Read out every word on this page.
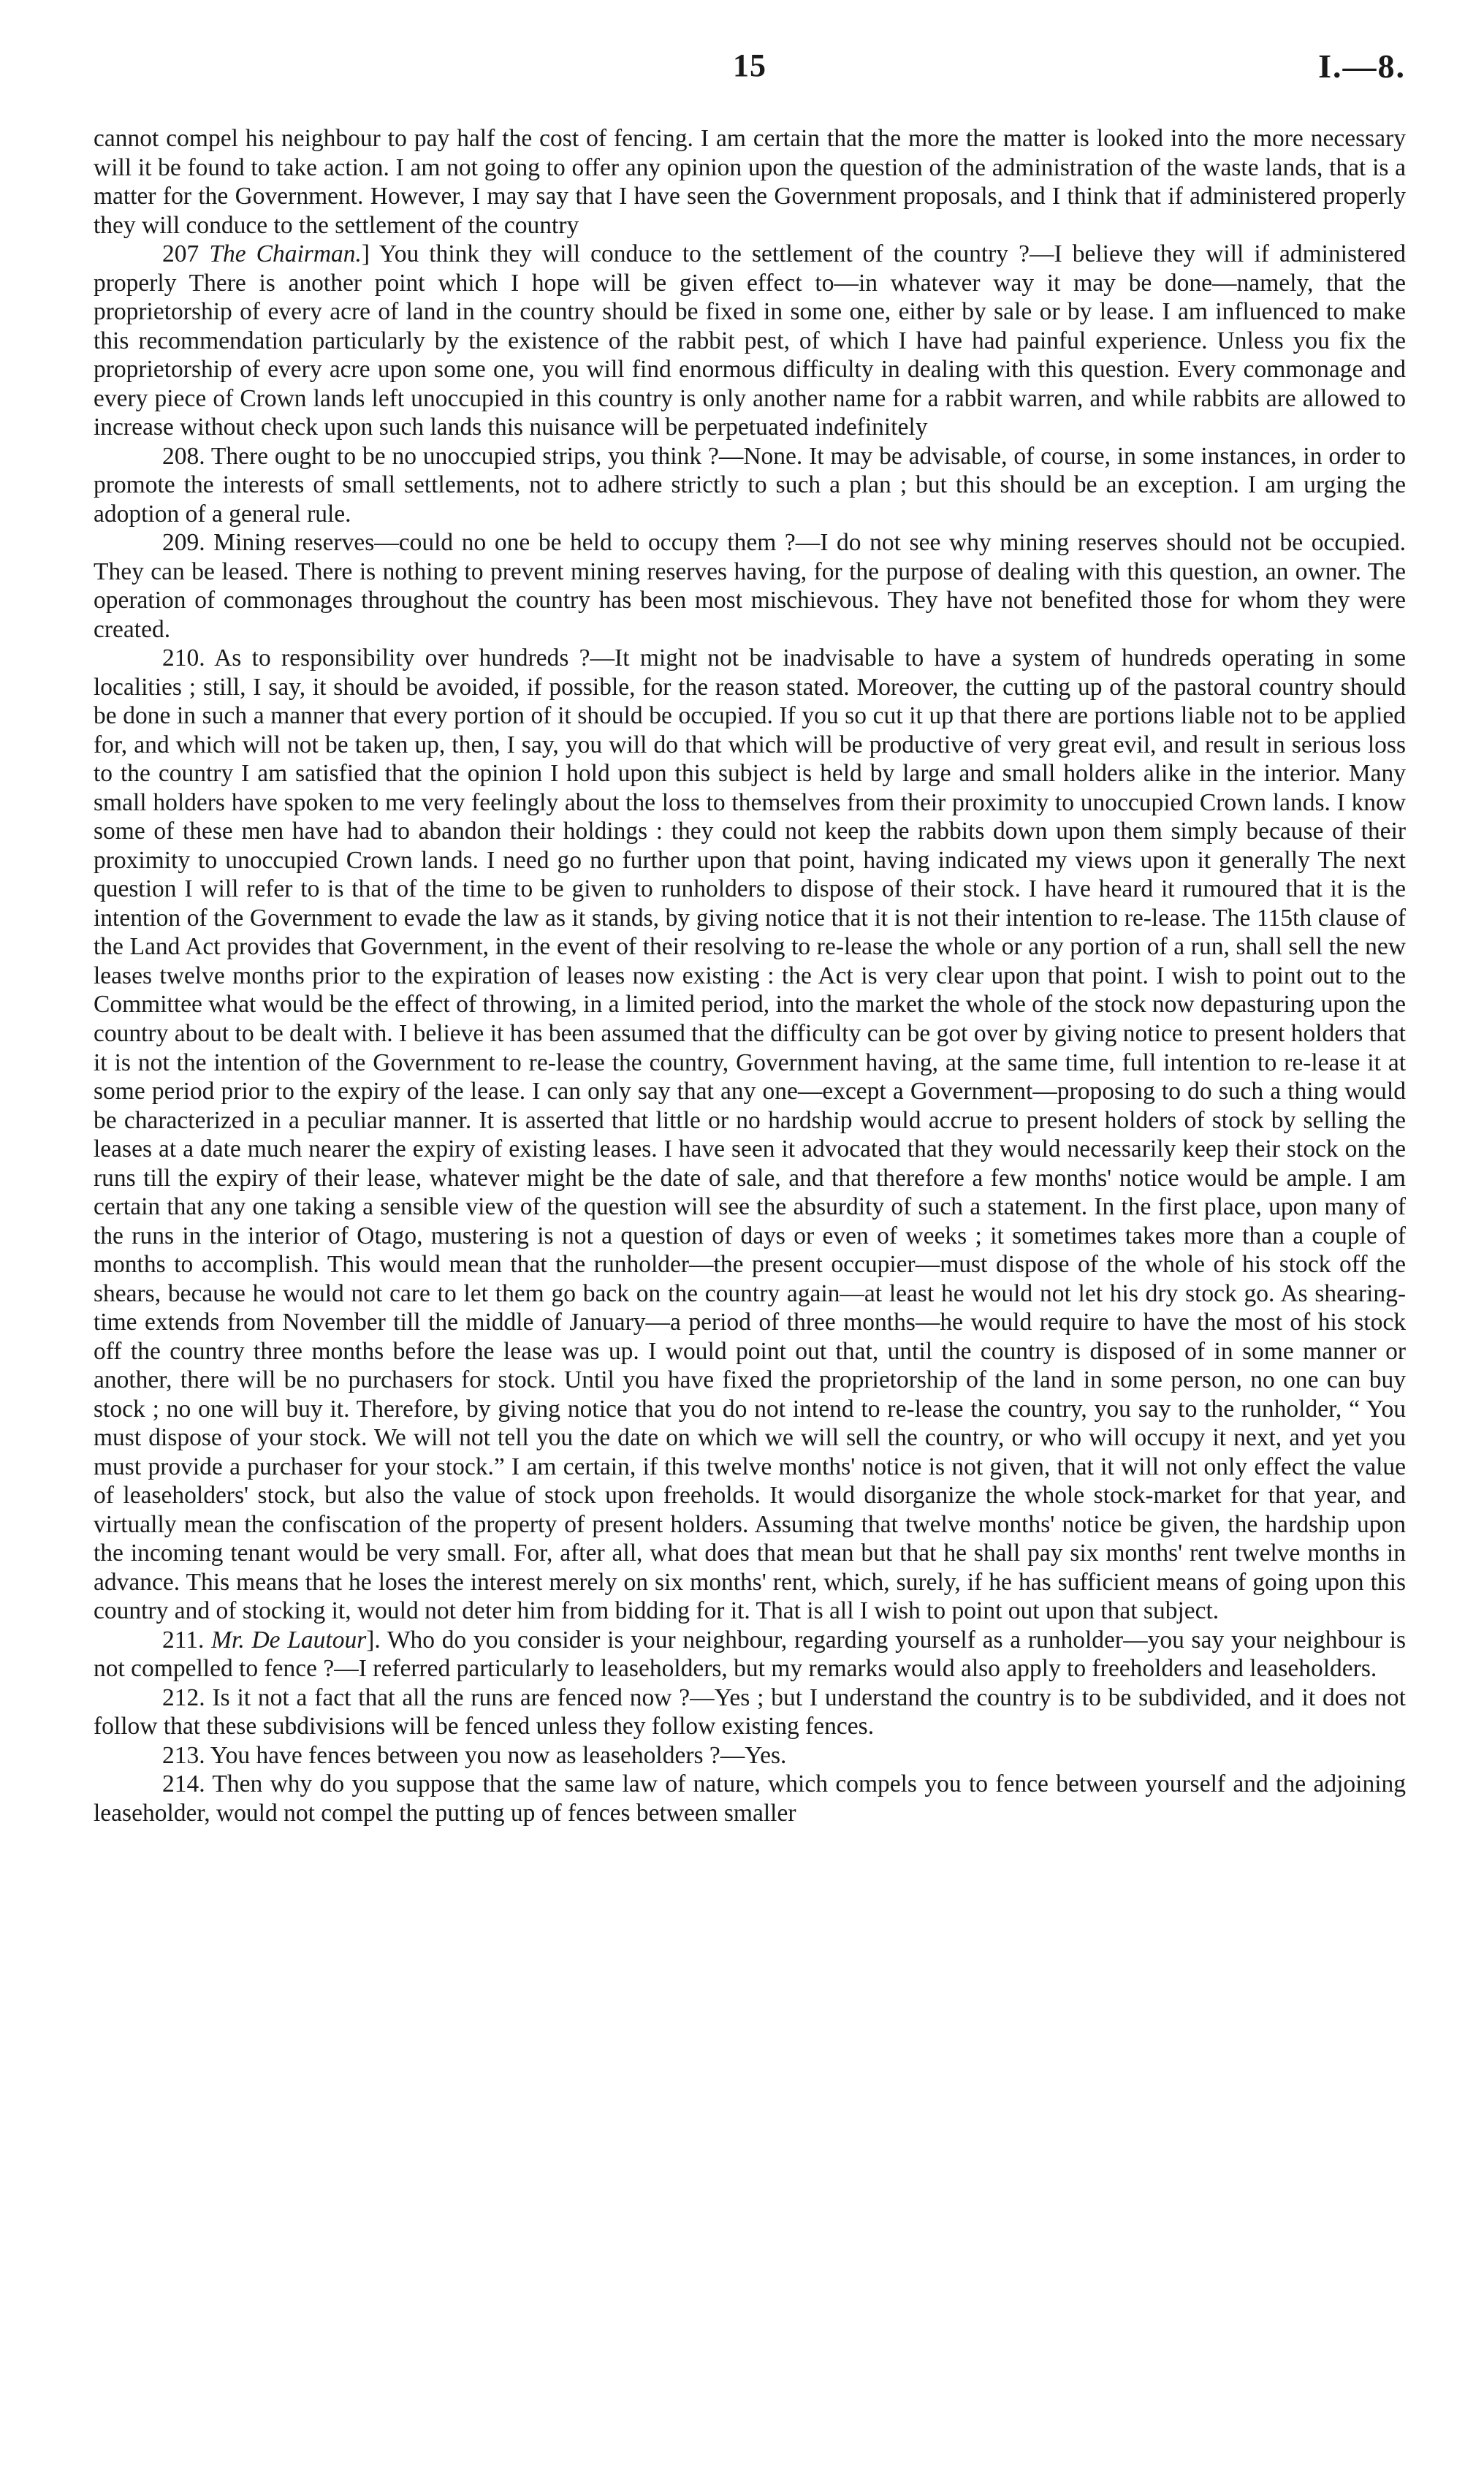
15	I.—8.

cannot compel his neighbour to pay half the cost of fencing. I am certain that the more the matter is looked into the more necessary will it be found to take action. I am not going to offer any opinion upon the question of the administration of the waste lands, that is a matter for the Government. However, I may say that I have seen the Government proposals, and I think that if administered properly they will conduce to the settlement of the country

207 The Chairman.] You think they will conduce to the settlement of the country ?—I believe they will if administered properly There is another point which I hope will be given effect to—in whatever way it may be done—namely, that the proprietorship of every acre of land in the country should be fixed in some one, either by sale or by lease. I am influenced to make this recommendation particularly by the existence of the rabbit pest, of which I have had painful experience. Unless you fix the proprietorship of every acre upon some one, you will find enormous difficulty in dealing with this question. Every commonage and every piece of Crown lands left unoccupied in this country is only another name for a rabbit warren, and while rabbits are allowed to increase without check upon such lands this nuisance will be perpetuated indefinitely

208. There ought to be no unoccupied strips, you think ?—None. It may be advisable, of course, in some instances, in order to promote the interests of small settlements, not to adhere strictly to such a plan ; but this should be an exception. I am urging the adoption of a general rule.

209. Mining reserves—could no one be held to occupy them ?—I do not see why mining reserves should not be occupied. They can be leased. There is nothing to prevent mining reserves having, for the purpose of dealing with this question, an owner. The operation of commonages throughout the country has been most mischievous. They have not benefited those for whom they were created.

210. As to responsibility over hundreds ?—It might not be inadvisable to have a system of hundreds operating in some localities ; still, I say, it should be avoided, if possible, for the reason stated. Moreover, the cutting up of the pastoral country should be done in such a manner that every portion of it should be occupied. If you so cut it up that there are portions liable not to be applied for, and which will not be taken up, then, I say, you will do that which will be productive of very great evil, and result in serious loss to the country I am satisfied that the opinion I hold upon this subject is held by large and small holders alike in the interior. Many small holders have spoken to me very feelingly about the loss to themselves from their proximity to unoccupied Crown lands. I know some of these men have had to abandon their holdings : they could not keep the rabbits down upon them simply because of their proximity to unoccupied Crown lands. I need go no further upon that point, having indicated my views upon it generally The next question I will refer to is that of the time to be given to runholders to dispose of their stock. I have heard it rumoured that it is the intention of the Government to evade the law as it stands, by giving notice that it is not their intention to re-lease. The 115th clause of the Land Act provides that Government, in the event of their resolving to re-lease the whole or any portion of a run, shall sell the new leases twelve months prior to the expiration of leases now existing : the Act is very clear upon that point. I wish to point out to the Committee what would be the effect of throwing, in a limited period, into the market the whole of the stock now depasturing upon the country about to be dealt with. I believe it has been assumed that the difficulty can be got over by giving notice to present holders that it is not the intention of the Government to re-lease the country, Government having, at the same time, full intention to re-lease it at some period prior to the expiry of the lease. I can only say that any one—except a Government—proposing to do such a thing would be characterized in a peculiar manner. It is asserted that little or no hardship would accrue to present holders of stock by selling the leases at a date much nearer the expiry of existing leases. I have seen it advocated that they would necessarily keep their stock on the runs till the expiry of their lease, whatever might be the date of sale, and that therefore a few months' notice would be ample. I am certain that any one taking a sensible view of the question will see the absurdity of such a statement. In the first place, upon many of the runs in the interior of Otago, mustering is not a question of days or even of weeks ; it sometimes takes more than a couple of months to accomplish. This would mean that the runholder—the present occupier—must dispose of the whole of his stock off the shears, because he would not care to let them go back on the country again—at least he would not let his dry stock go. As shearing-time extends from November till the middle of January—a period of three months—he would require to have the most of his stock off the country three months before the lease was up. I would point out that, until the country is disposed of in some manner or another, there will be no purchasers for stock. Until you have fixed the proprietorship of the land in some person, no one can buy stock ; no one will buy it. Therefore, by giving notice that you do not intend to re-lease the country, you say to the runholder, “ You must dispose of your stock. We will not tell you the date on which we will sell the country, or who will occupy it next, and yet you must provide a purchaser for your stock.” I am certain, if this twelve months' notice is not given, that it will not only effect the value of leaseholders' stock, but also the value of stock upon freeholds. It would disorganize the whole stock-market for that year, and virtually mean the confiscation of the property of present holders. Assuming that twelve months' notice be given, the hardship upon the incoming tenant would be very small. For, after all, what does that mean but that he shall pay six months' rent twelve months in advance. This means that he loses the interest merely on six months' rent, which, surely, if he has sufficient means of going upon this country and of stocking it, would not deter him from bidding for it. That is all I wish to point out upon that subject.

211. Mr. De Lautour]. Who do you consider is your neighbour, regarding yourself as a runholder—you say your neighbour is not compelled to fence ?—I referred particularly to leaseholders, but my remarks would also apply to freeholders and leaseholders.

212. Is it not a fact that all the runs are fenced now ?—Yes ; but I understand the country is to be subdivided, and it does not follow that these subdivisions will be fenced unless they follow existing fences.

213. You have fences between you now as leaseholders ?—Yes.

214. Then why do you suppose that the same law of nature, which compels you to fence between yourself and the adjoining leaseholder, would not compel the putting up of fences between smaller
